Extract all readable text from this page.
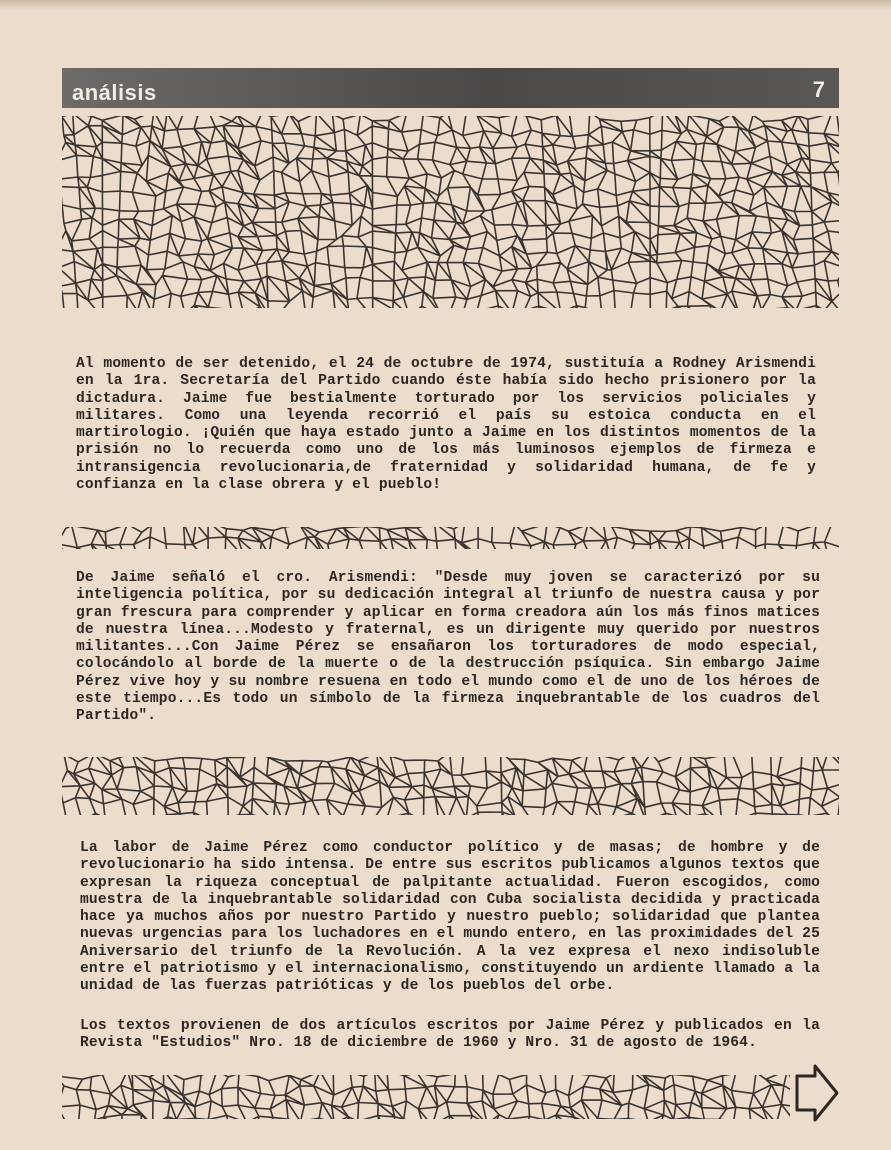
análisis	7

Al momento de ser detenido, el 24 de octubre de 1974, sustituía a Rodney Arismendi en la 1ra. Secretaría del Partido cuando éste había sido hecho prisionero por la dictadura. Jaime fue bestialmente torturado por los servicios policiales y militares. Como una leyenda recorrió el país su estoica conducta en el martirologio. ¡Quién que haya estado junto a Jaime en los distintos momentos de la prisión no lo recuerda como uno de los más luminosos ejemplos de firmeza e intransigencia revolucionaria,de fraternidad y solidaridad humana, de fe y confianza en la clase obrera y el pueblo!

De Jaime señaló el cro. Arismendi: "Desde muy joven se caracterizó por su inteligencia política, por su dedicación integral al triunfo de nuestra causa y por gran frescura para comprender y aplicar en forma creadora aún los más finos matices de nuestra línea...Modesto y fraternal, es un dirigente muy querido por nuestros militantes...Con Jaime Pérez se ensañaron los torturadores de modo especial, colocándolo al borde de la muerte o de la destrucción psíquica. Sin embargo Jaime Pérez vive hoy y su nombre resuena en todo el mundo como el de uno de los héroes de este tiempo...Es todo un símbolo de la firmeza inquebrantable de los cuadros del Partido".

La labor de Jaime Pérez como conductor político y de masas; de hombre y de revolucionario ha sido intensa. De entre sus escritos publicamos algunos textos que expresan la riqueza conceptual de palpitante actualidad. Fueron escogidos, como muestra de la inquebrantable solidaridad con Cuba socialista decidida y practicada hace ya muchos años por nuestro Partido y nuestro pueblo; solidaridad que plantea nuevas urgencias para los luchadores en el mundo entero, en las proximidades del 25 Aniversario del triunfo de la Revolución. A la vez expresa el nexo indisoluble entre el patriotismo y el internacionalismo, constituyendo un ardiente llamado a la unidad de las fuerzas patrióticas y de los pueblos del orbe.

Los textos provienen de dos artículos escritos por Jaime Pérez y publicados en la Revista "Estudios" Nro. 18 de diciembre de 1960 y Nro. 31 de agosto de 1964.
